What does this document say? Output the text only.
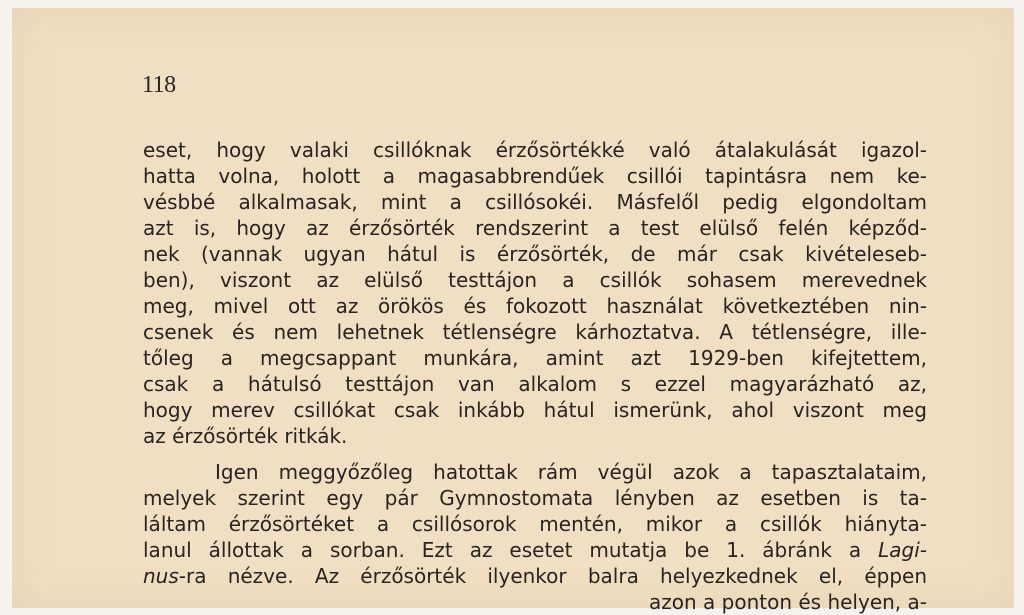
118
eset, hogy valaki csillóknak érzősörtékké való átalakulását igazol-
hatta volna, holott a magasabbrendűek csillói tapintásra nem ke-
vésbbé alkalmasak, mint a csillósokéi. Másfelől pedig elgondoltam
azt is, hogy az érzősörték rendszerint a test elülső felén képződ-
nek (vannak ugyan hátul is érzősörték, de már csak kivételeseb-
ben), viszont az elülső testtájon a csillók sohasem merevednek
meg, mivel ott az örökös és fokozott használat következtében nin-
csenek és nem lehetnek tétlenségre kárhoztatva. A tétlenségre, ille-
tőleg a megcsappant munkára, amint azt 1929-ben kifejtettem,
csak a hátulsó testtájon van alkalom s ezzel magyarázható az,
hogy merev csillókat csak inkább hátul ismerünk, ahol viszont meg
az érzősörték ritkák.
Igen meggyőzőleg hatottak rám végül azok a tapasztalataim,
melyek szerint egy pár Gymnostomata lényben az esetben is ta-
láltam érzősörtéket a csillósorok mentén, mikor a csillók hiányta-
lanul állottak a sorban. Ezt az esetet mutatja be 1. ábránk a Lagi-
nus-ra nézve. Az érzősörték ilyenkor balra helyezkednek el, éppen
azon a ponton és helyen, a-
